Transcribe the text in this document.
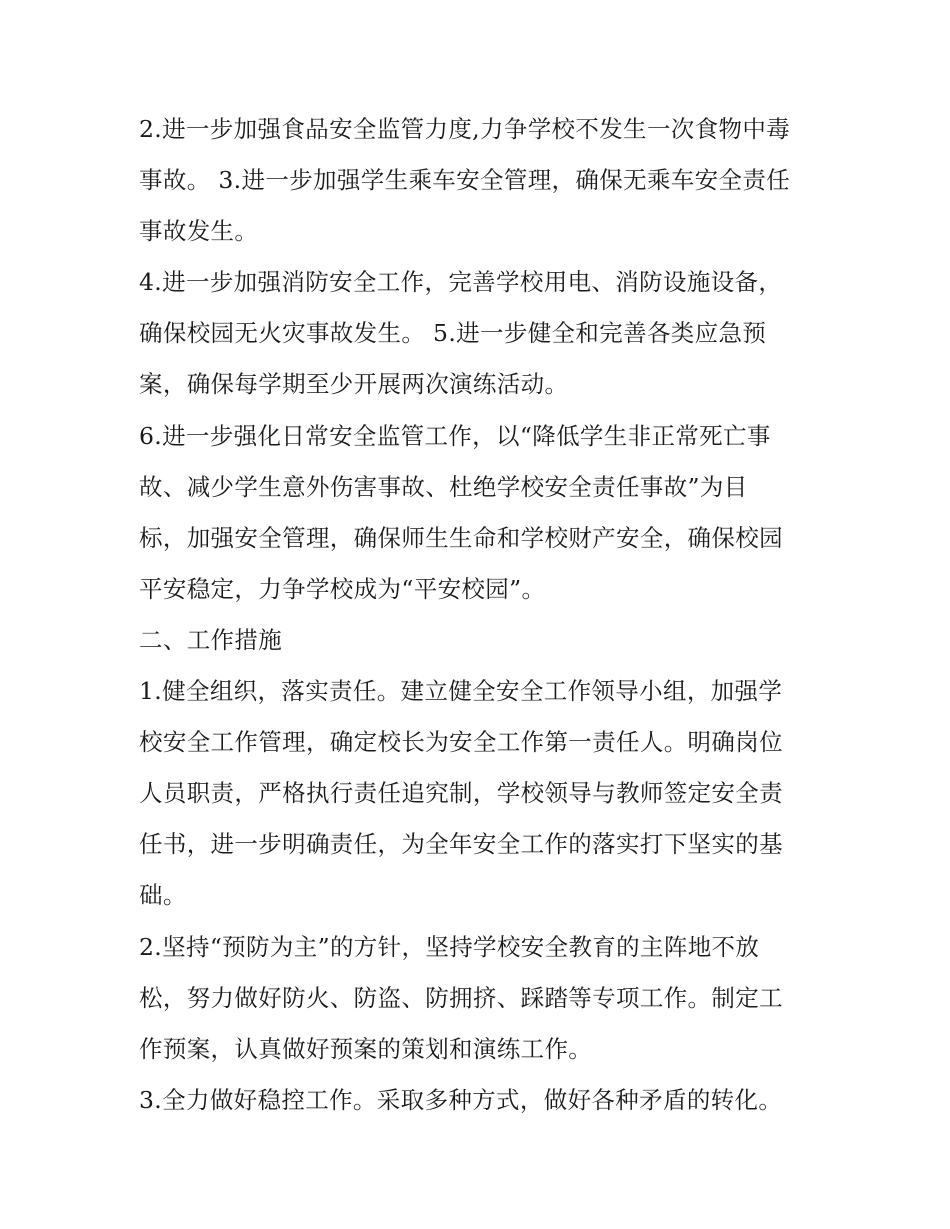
2.进一步加强食品安全监管力度,力争学校不发生一次食物中毒
事故。 3.进一步加强学生乘车安全管理，确保无乘车安全责任
事故发生。
4.进一步加强消防安全工作，完善学校用电、消防设施设备，
确保校园无火灾事故发生。 5.进一步健全和完善各类应急预
案，确保每学期至少开展两次演练活动。
6.进一步强化日常安全监管工作，以“降低学生非正常死亡事
故、减少学生意外伤害事故、杜绝学校安全责任事故”为目
标，加强安全管理，确保师生生命和学校财产安全，确保校园
平安稳定，力争学校成为“平安校园”。
二、工作措施
1.健全组织，落实责任。建立健全安全工作领导小组，加强学
校安全工作管理，确定校长为安全工作第一责任人。明确岗位
人员职责，严格执行责任追究制，学校领导与教师签定安全责
任书，进一步明确责任，为全年安全工作的落实打下坚实的基
础。
2.坚持“预防为主”的方针，坚持学校安全教育的主阵地不放
松，努力做好防火、防盗、防拥挤、踩踏等专项工作。制定工
作预案，认真做好预案的策划和演练工作。
3.全力做好稳控工作。采取多种方式，做好各种矛盾的转化。
